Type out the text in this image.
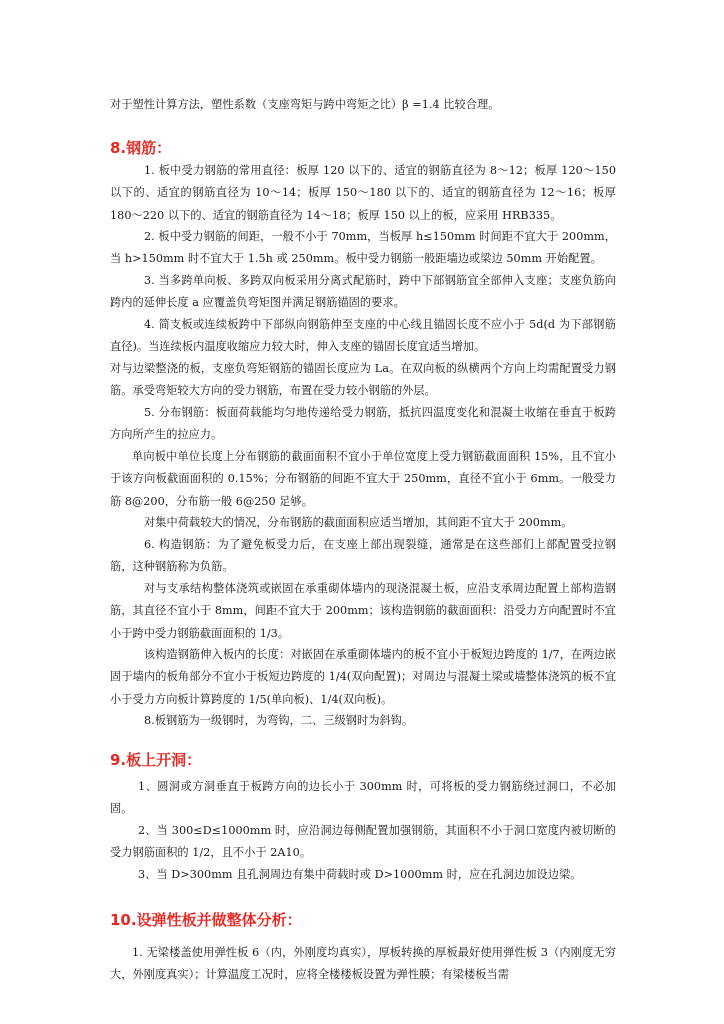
对于塑性计算方法，塑性系数（支座弯矩与跨中弯矩之比）β =1.4 比较合理。
8.钢筋：
1. 板中受力钢筋的常用直径：板厚 120 以下的、适宜的钢筋直径为 8～12；板厚 120～150 以下的、适宜的钢筋直径为 10～14；板厚 150～180 以下的、适宜的钢筋直径为 12～16；板厚 180～220 以下的、适宜的钢筋直径为 14～18；板厚 150 以上的板，应采用 HRB335。
2. 板中受力钢筋的间距，一般不小于 70mm，当板厚 h≤150mm 时间距不宜大于 200mm，当 h>150mm 时不宜大于 1.5h 或 250mm。板中受力钢筋一般距墙边或梁边 50mm 开始配置。
3. 当多跨单向板、多跨双向板采用分离式配筋时，跨中下部钢筋宜全部伸入支座；支座负筋向跨内的延伸长度 a 应覆盖负弯矩图并满足钢筋锚固的要求。
4. 简支板或连续板跨中下部纵向钢筋伸至支座的中心线且锚固长度不应小于 5d(d 为下部钢筋直径)。当连续板内温度收缩应力较大时，伸入支座的锚固长度宜适当增加。
对与边梁整浇的板，支座负弯矩钢筋的锚固长度应为 La。在双向板的纵横两个方向上均需配置受力钢筋。承受弯矩较大方向的受力钢筋，布置在受力较小钢筋的外层。
5. 分布钢筋：板面荷载能均匀地传递给受力钢筋，抵抗四温度变化和混凝土收缩在垂直于板跨方向所产生的拉应力。
单向板中单位长度上分布钢筋的截面面积不宜小于单位宽度上受力钢筋截面面积 15%，且不宜小于该方向板截面面积的 0.15%；分布钢筋的间距不宜大于 250mm，直径不宜小于 6mm。一般受力筋 8@200，分布筋一般 6@250 足够。
对集中荷载较大的情况，分布钢筋的截面面积应适当增加，其间距不宜大于 200mm。
6. 构造钢筋：为了避免板受力后，在支座上部出现裂缝，通常是在这些部们上部配置受拉钢筋，这种钢筋称为负筋。
对与支承结构整体浇筑或嵌固在承重砌体墙内的现浇混凝土板，应沿支承周边配置上部构造钢筋，其直径不宜小于 8mm，间距不宜大于 200mm；该构造钢筋的截面面积：沿受力方向配置时不宜小于跨中受力钢筋截面面积的 1/3。
该构造钢筋伸入板内的长度：对嵌固在承重砌体墙内的板不宜小于板短边跨度的 1/7，在两边嵌固于墙内的板角部分不宜小于板短边跨度的 1/4(双向配置)；对周边与混凝土梁或墙整体浇筑的板不宜小于受力方向板计算跨度的 1/5(单向板)、1/4(双向板)。
8.板钢筋为一级钢时，为弯钩，二、三级钢时为斜钩。
9.板上开洞：
1、圆洞或方洞垂直于板跨方向的边长小于 300mm 时，可将板的受力钢筋绕过洞口，不必加固。
2、当 300≤D≤1000mm 时，应沿洞边每侧配置加强钢筋，其面积不小于洞口宽度内被切断的受力钢筋面积的 1/2，且不小于 2A10。
3、当 D>300mm 且孔洞周边有集中荷载时或 D>1000mm 时，应在孔洞边加设边梁。
10.设弹性板并做整体分析：
1. 无梁楼盖使用弹性板 6（内，外刚度均真实），厚板转换的厚板最好使用弹性板 3（内刚度无穷大，外刚度真实）；计算温度工况时，应将全楼楼板设置为弹性膜；有梁楼板当需
